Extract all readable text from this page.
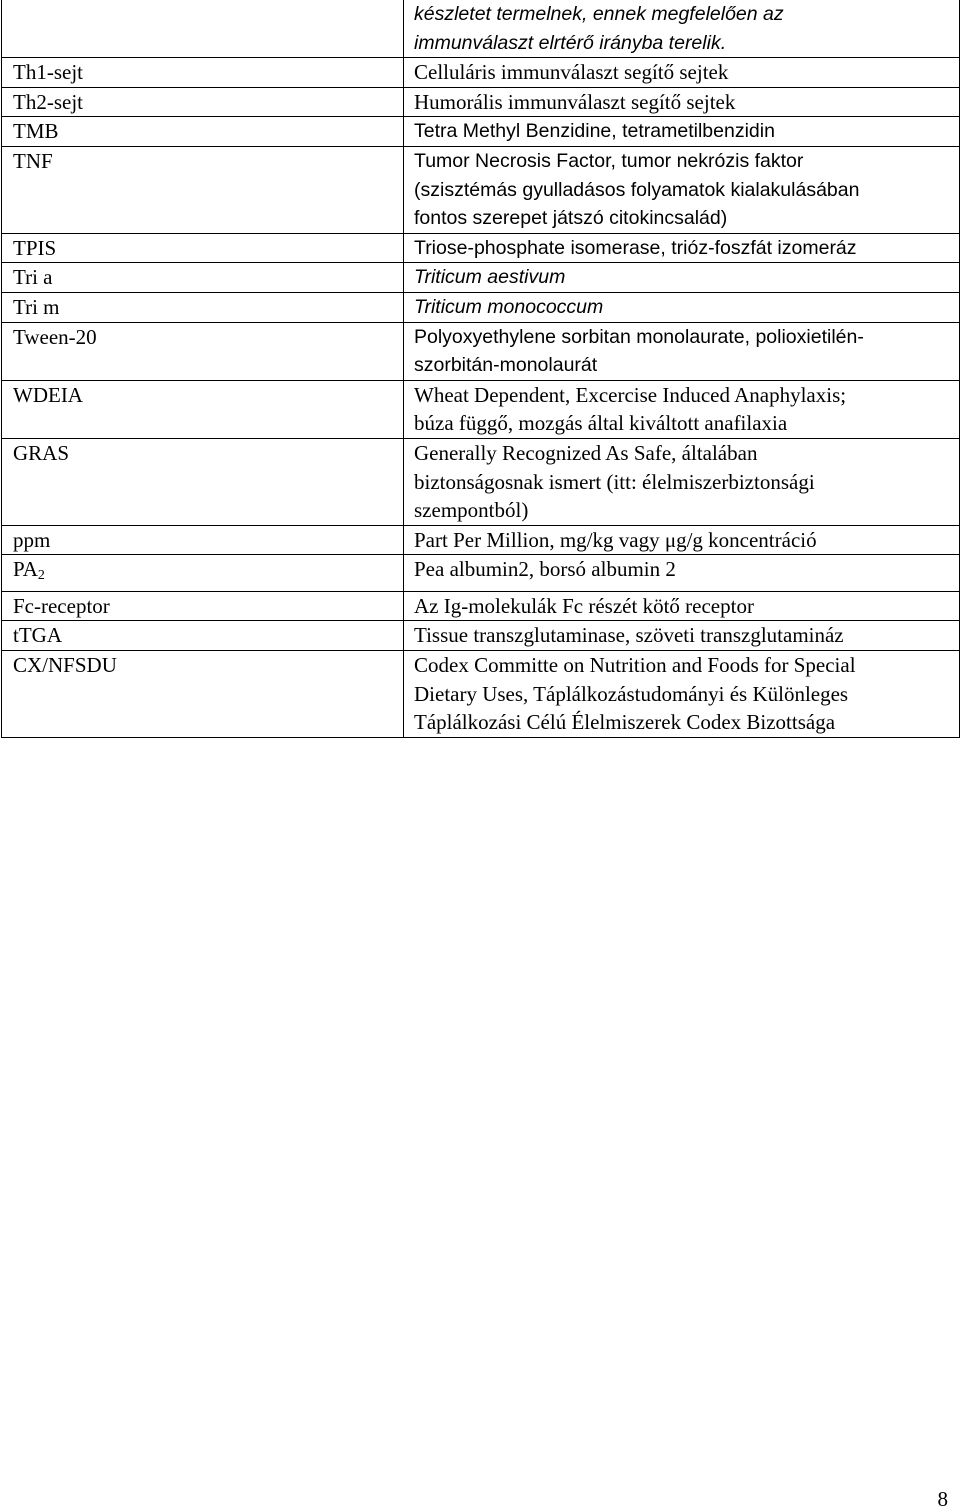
	készletet termelnek, ennek megfelelően az
immunválaszt elrtérő irányba terelik.

Th1-sejt	Celluláris immunválaszt segítő sejtek

Th2-sejt	Humorális immunválaszt segítő sejtek

TMB	Tetra Methyl Benzidine, tetrametilbenzidin

TNF	Tumor Necrosis Factor, tumor nekrózis faktor
(szisztémás gyulladásos folyamatok kialakulásában
fontos szerepet játszó citokincsalád)

TPIS	Triose-phosphate isomerase, trióz-foszfát izomeráz

Tri a	Triticum aestivum

Tri m	Triticum monococcum

Tween-20	Polyoxyethylene sorbitan monolaurate, polioxietilén-
szorbitán-monolaurát

WDEIA	Wheat Dependent, Excercise Induced Anaphylaxis;
búza függő, mozgás által kiváltott anafilaxia

GRAS	Generally Recognized As Safe, általában
biztonságosnak ismert (itt: élelmiszerbiztonsági
szempontból)

ppm	Part Per Million, mg/kg vagy μg/g koncentráció

$PA_2$	Pea albumin2, borsó albumin 2

Fc-receptor	Az Ig-molekulák Fc részét kötő receptor

tTGA	Tissue transzglutaminase, szöveti transzglutamináz

CX/NFSDU	Codex Committe on Nutrition and Foods for Special
Dietary Uses, Táplálkozástudományi és Különleges
Táplálkozási Célú Élelmiszerek Codex Bizottsága
8
